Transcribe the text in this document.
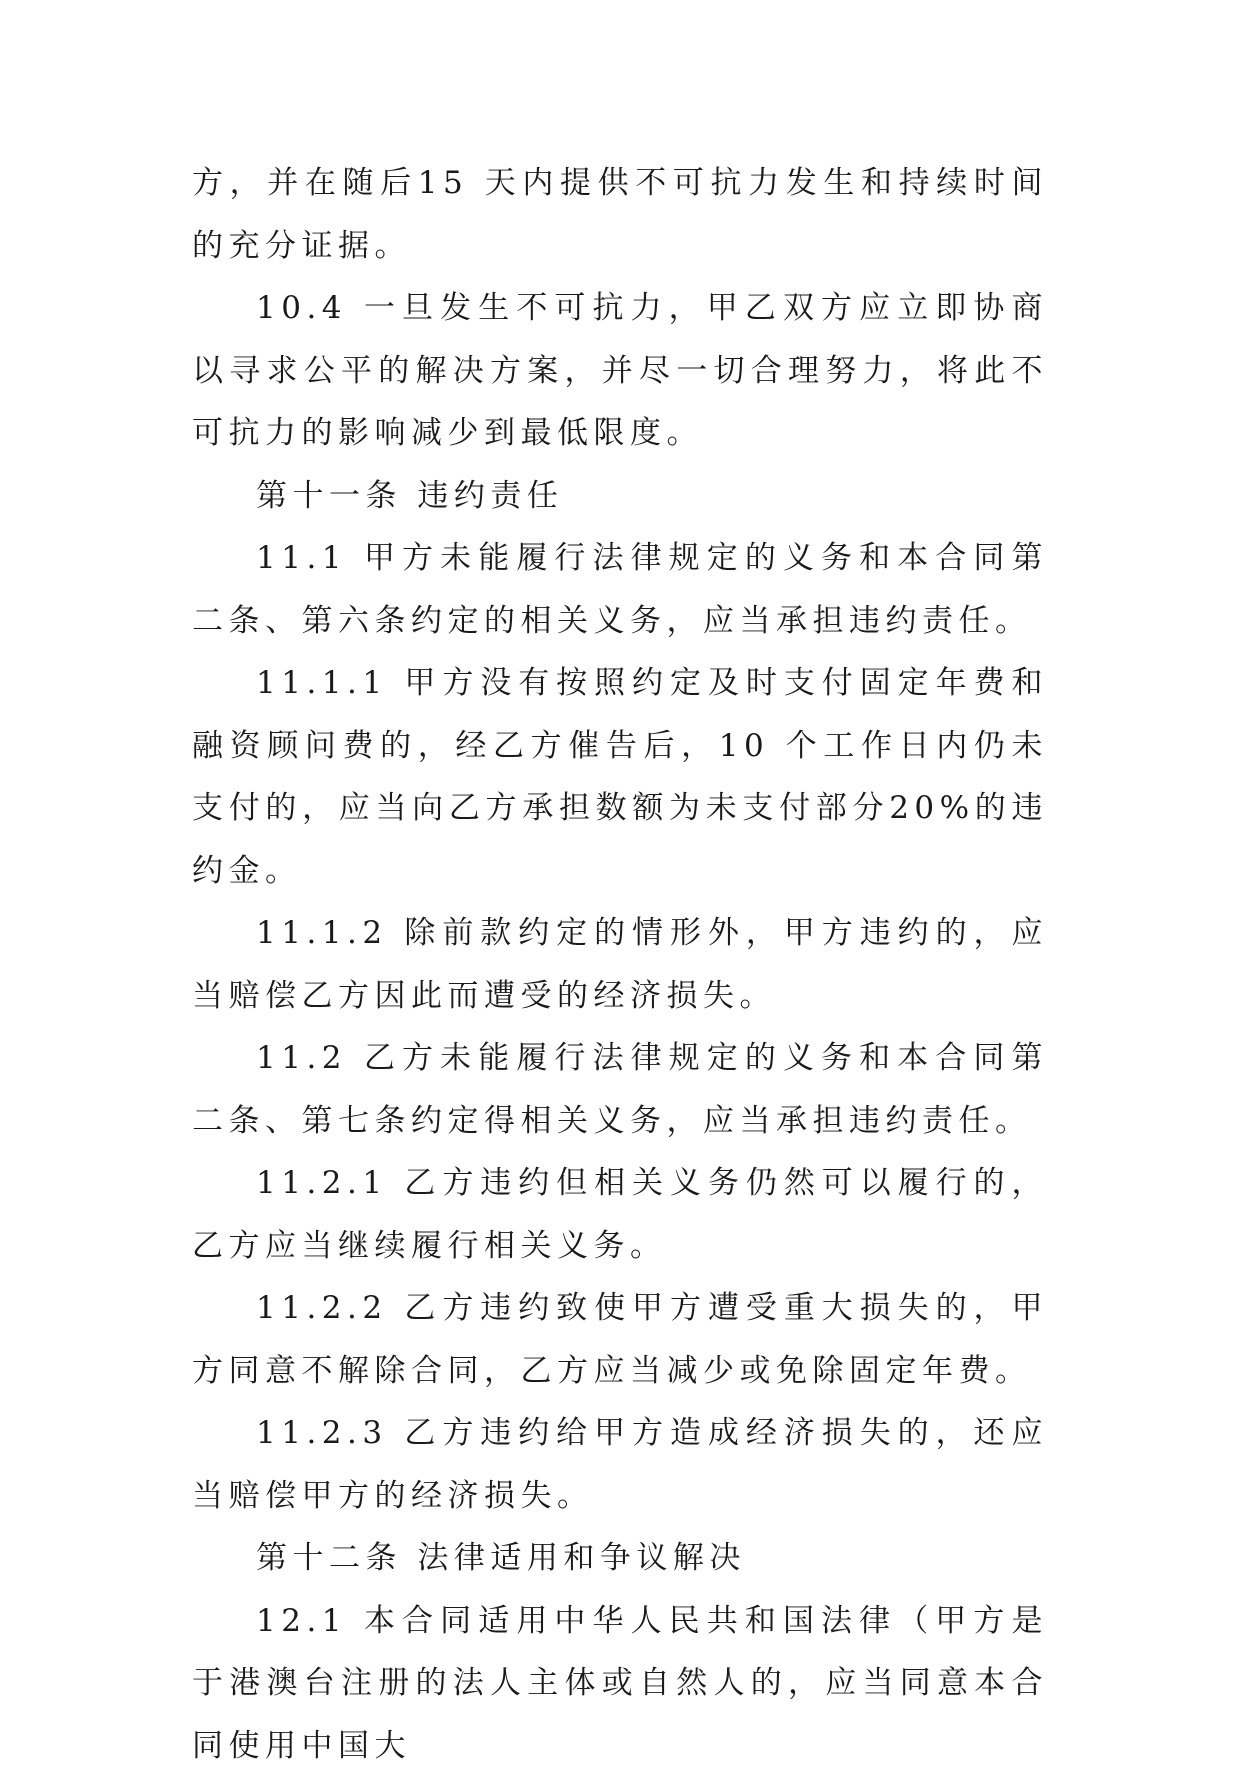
方，并在随后15 天内提供不可抗力发生和持续时间的充分证据。

10.4 一旦发生不可抗力，甲乙双方应立即协商以寻求公平的解决方案，并尽一切合理努力，将此不可抗力的影响减少到最低限度。

第十一条 违约责任

11.1 甲方未能履行法律规定的义务和本合同第二条、第六条约定的相关义务，应当承担违约责任。

11.1.1 甲方没有按照约定及时支付固定年费和融资顾问费的，经乙方催告后，10 个工作日内仍未支付的，应当向乙方承担数额为未支付部分20%的违约金。

11.1.2 除前款约定的情形外，甲方违约的，应当赔偿乙方因此而遭受的经济损失。

11.2 乙方未能履行法律规定的义务和本合同第二条、第七条约定得相关义务，应当承担违约责任。

11.2.1 乙方违约但相关义务仍然可以履行的，乙方应当继续履行相关义务。

11.2.2 乙方违约致使甲方遭受重大损失的，甲方同意不解除合同，乙方应当减少或免除固定年费。

11.2.3 乙方违约给甲方造成经济损失的，还应当赔偿甲方的经济损失。

第十二条 法律适用和争议解决

12.1 本合同适用中华人民共和国法律（甲方是于港澳台注册的法人主体或自然人的，应当同意本合同使用中国大
